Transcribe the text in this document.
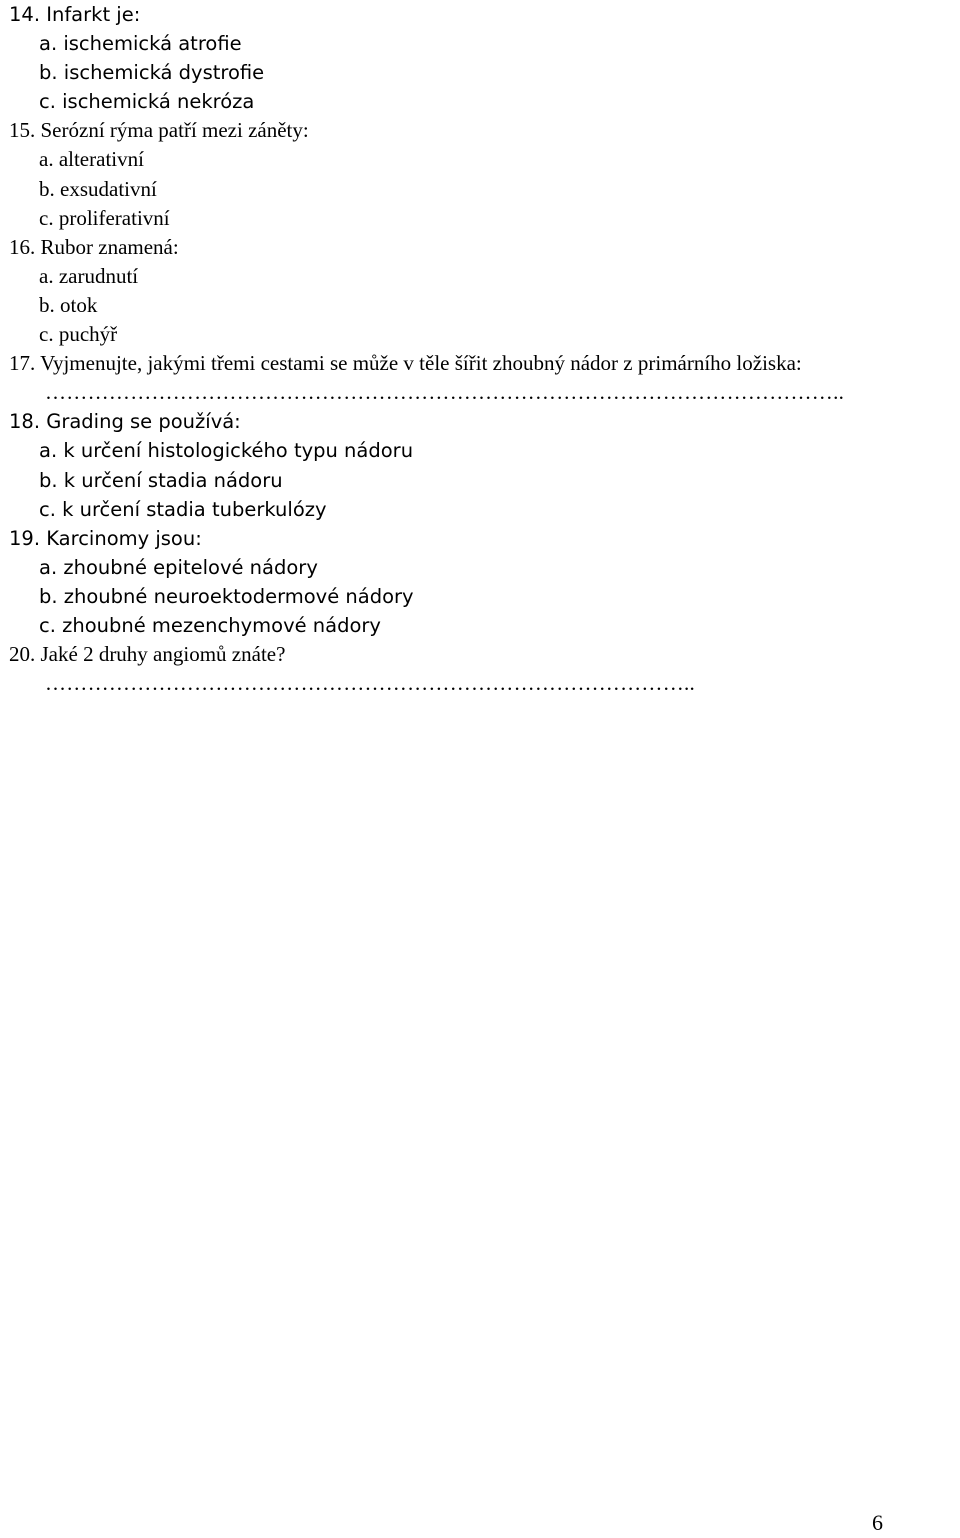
14. Infarkt je:
a. ischemická atrofie
b. ischemická dystrofie
c. ischemická nekróza
15. Serózní rýma patří mezi záněty:
a. alterativní
b. exsudativní
c. proliferativní
16. Rubor znamená:
a. zarudnutí
b. otok
c. puchýř
17. Vyjmenujte, jakými třemi cestami se může v těle šířit zhoubný nádor z primárního ložiska:
…………………………………………………………………………………………………..
18. Grading se používá:
a. k určení histologického typu nádoru
b. k určení stadia nádoru
c. k určení stadia tuberkulózy
19. Karcinomy jsou:
a. zhoubné epitelové nádory
b. zhoubné neuroektodermové nádory
c. zhoubné mezenchymové nádory
20. Jaké 2 druhy angiomů znáte?
………………………………………………………………………………..
6
